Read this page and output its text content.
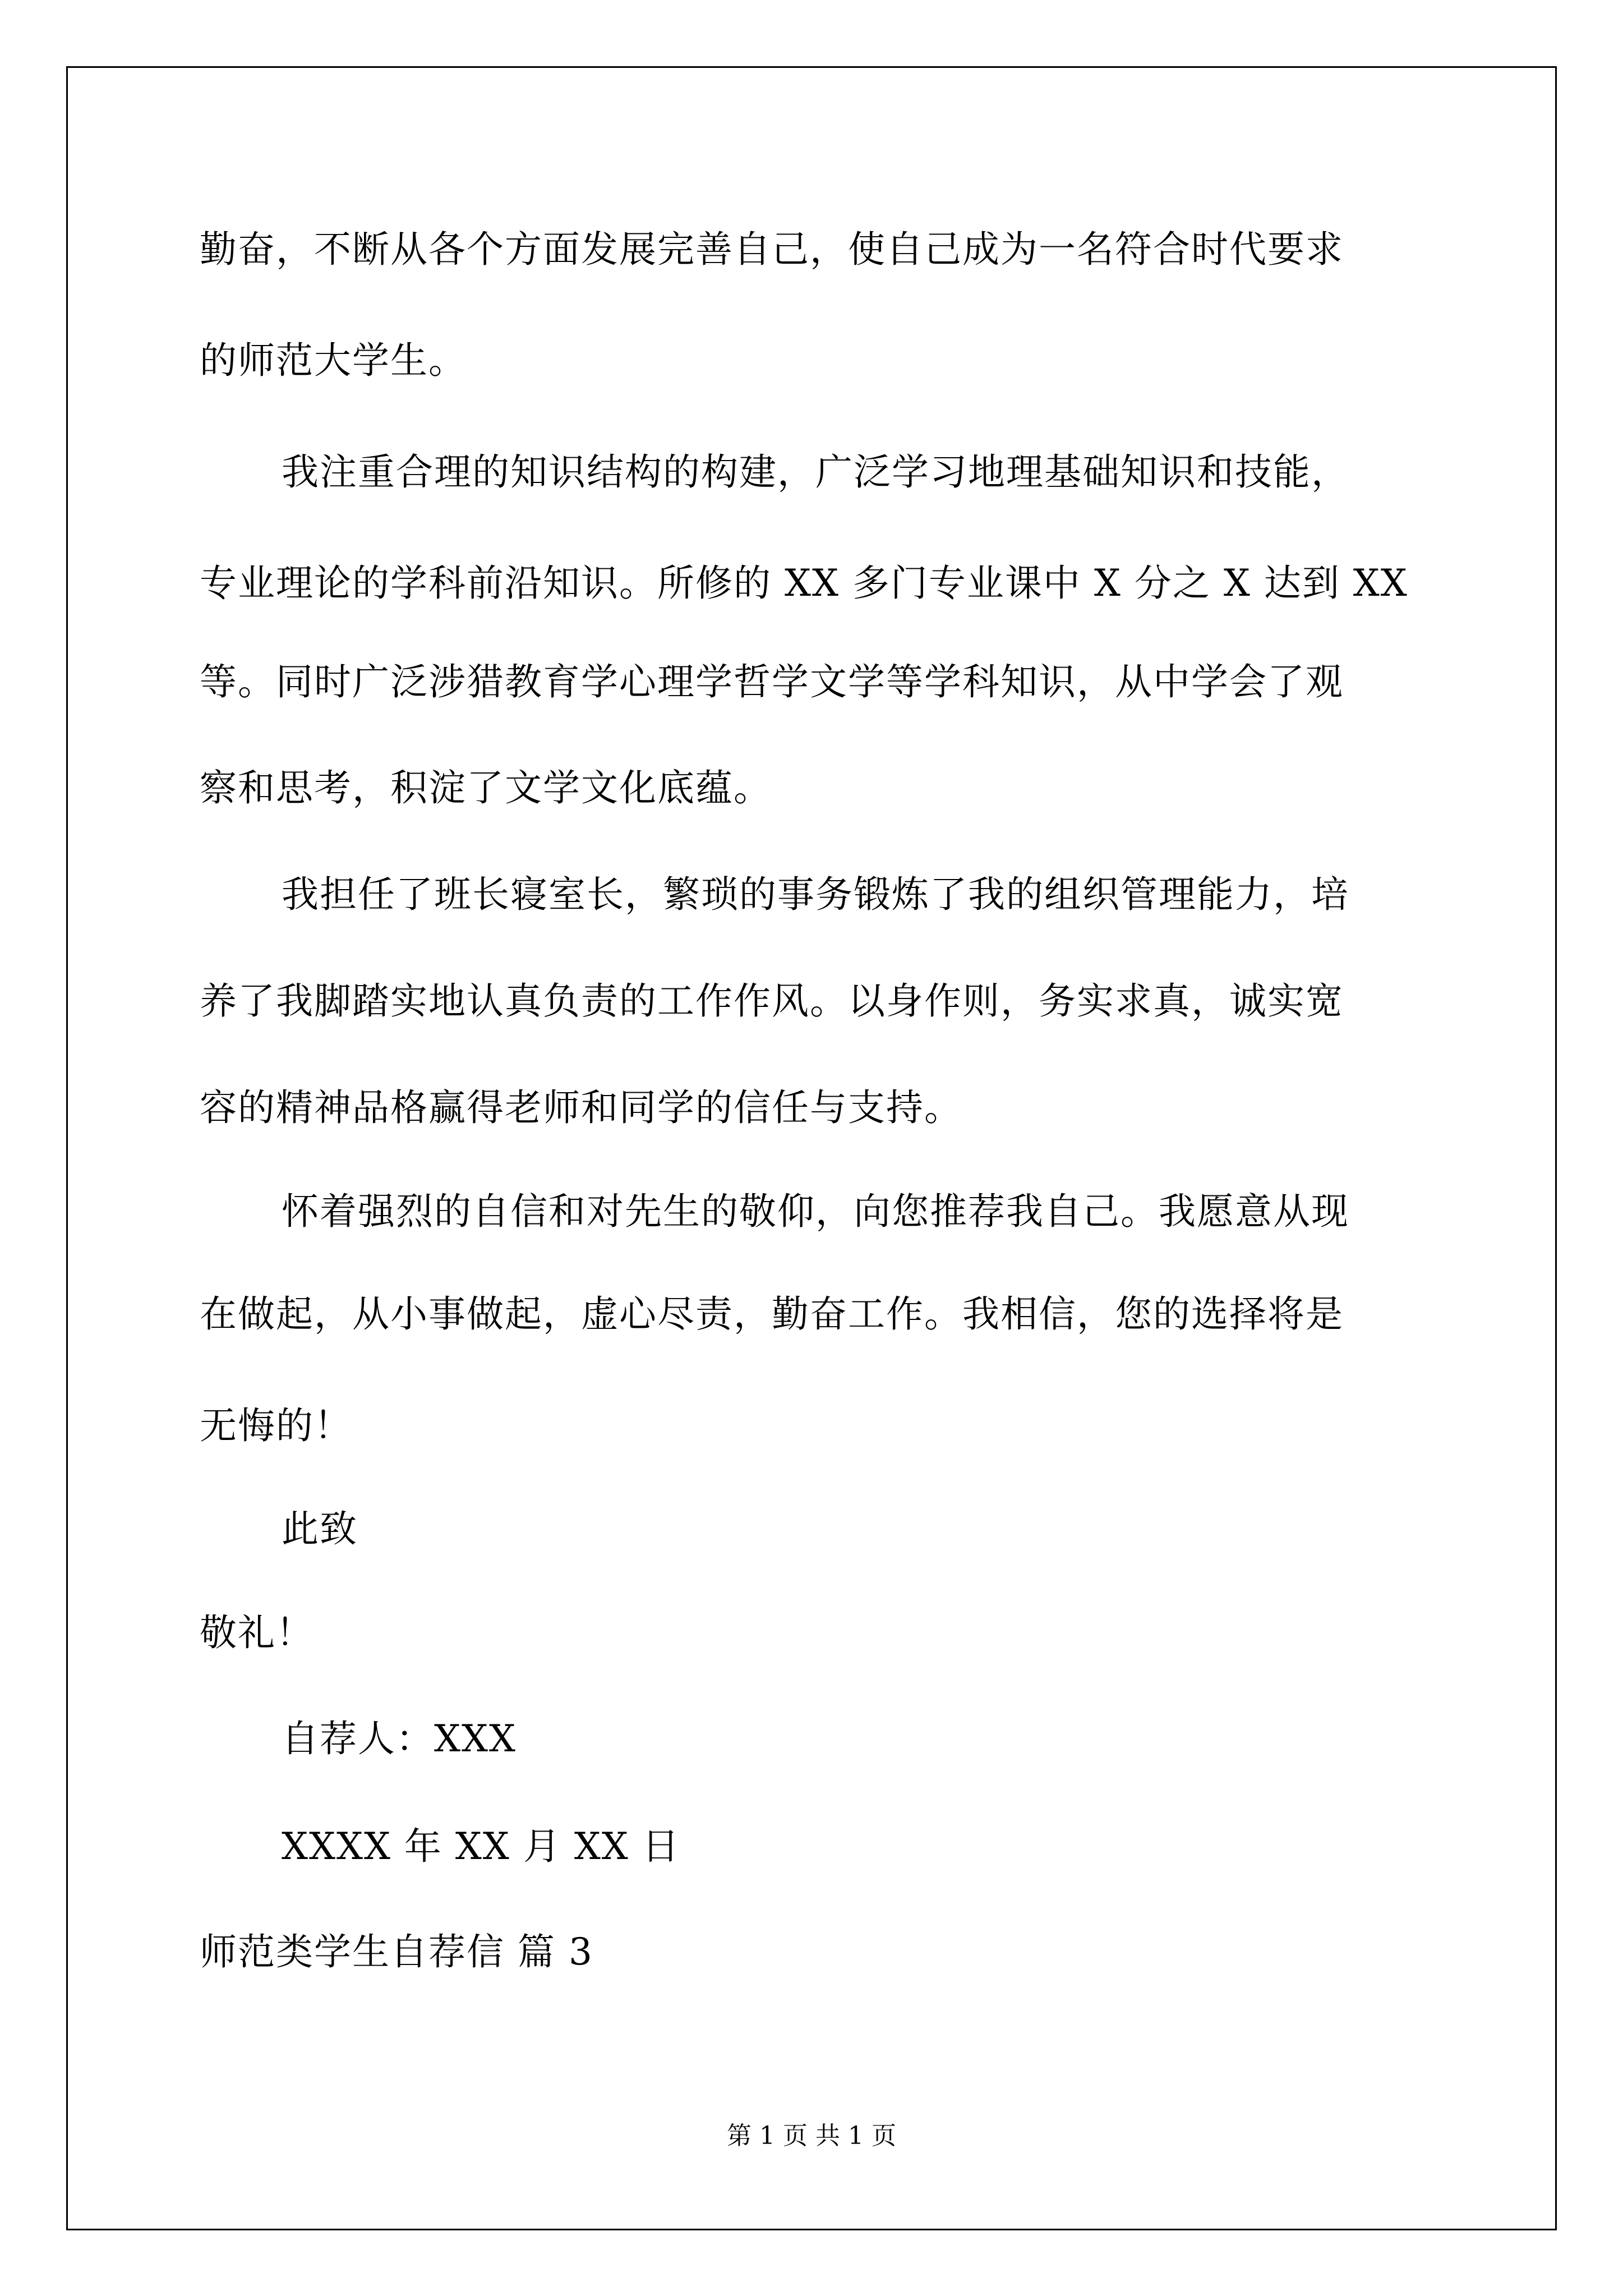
勤奋，不断从各个方面发展完善自己，使自己成为一名符合时代要求
的师范大学生。
我注重合理的知识结构的构建，广泛学习地理基础知识和技能，
专业理论的学科前沿知识。所修的 XX 多门专业课中 X 分之 X 达到 XX
等。同时广泛涉猎教育学心理学哲学文学等学科知识，从中学会了观
察和思考，积淀了文学文化底蕴。
我担任了班长寝室长，繁琐的事务锻炼了我的组织管理能力，培
养了我脚踏实地认真负责的工作作风。以身作则，务实求真，诚实宽
容的精神品格赢得老师和同学的信任与支持。
怀着强烈的自信和对先生的敬仰，向您推荐我自己。我愿意从现
在做起，从小事做起，虚心尽责，勤奋工作。我相信，您的选择将是
无悔的！
此致
敬礼！
自荐人：XXX
XXXX 年 XX 月 XX 日
师范类学生自荐信 篇 3
第 1 页 共 1 页
